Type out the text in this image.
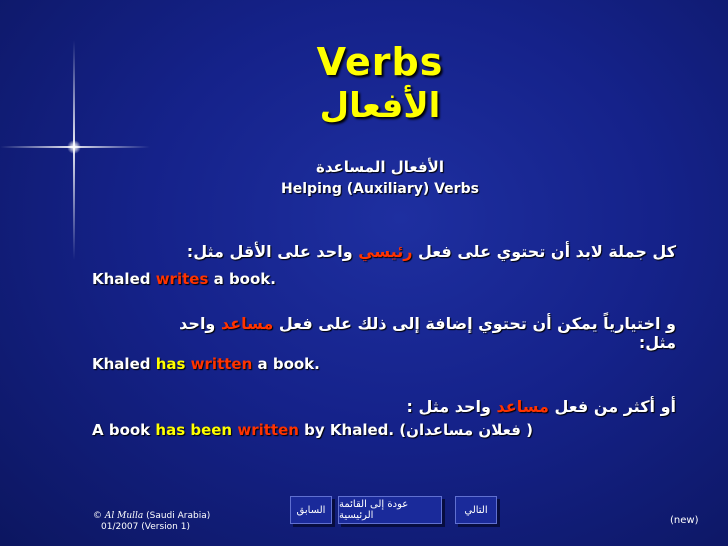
Verbs
الأفعال
الأفعال المساعدة
Helping (Auxiliary) Verbs
كل جملة لابد أن تحتوي على فعل رئيسي واحد على الأقل مثل:
Khaled writes a book.
و اختيارياً يمكن أن تحتوي إضافة إلى ذلك على فعل مساعد واحد
مثل:
Khaled has written a book.
أو أكثر من فعل مساعد واحد مثل :
A book has been written by Khaled. (فعلان مساعدان )
© Al Mulla (Saudi Arabia)
01/2007 (Version 1)
السابق	عودة إلى القائمة الرئيسية	التالي
(new)
